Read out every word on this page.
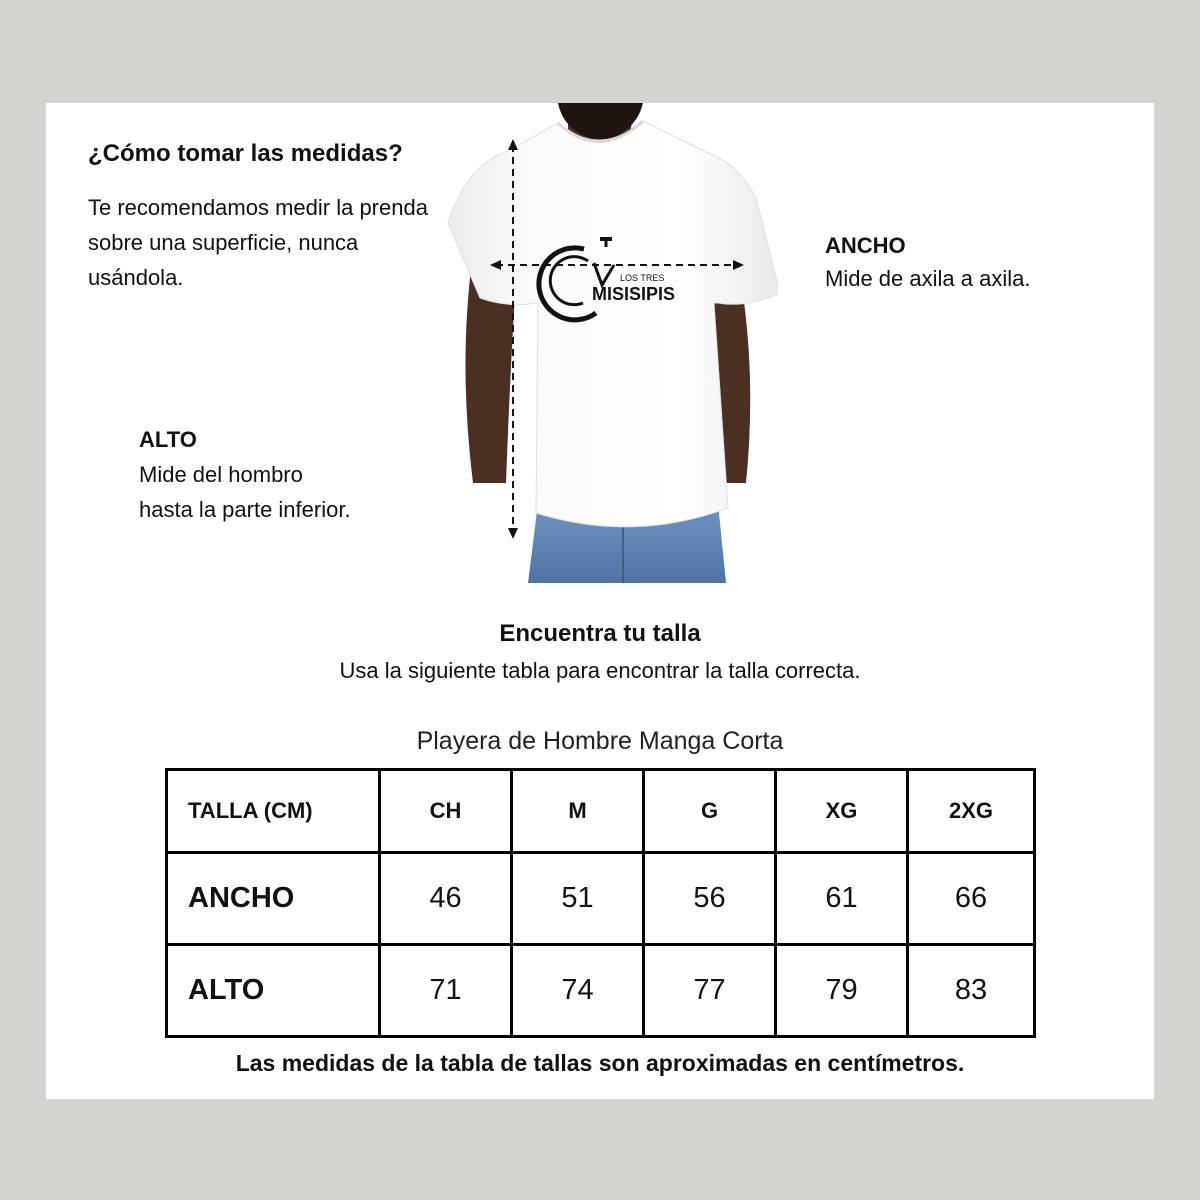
¿Cómo tomar las medidas?
Te recomendamos medir la prenda sobre una superficie, nunca usándola.	LOS TRES
MISISIPIS
ANCHO
Mide de axila a axila.
ALTO
Mide del hombro
hasta la parte inferior.
Encuentra tu talla
Usa la siguiente tabla para encontrar la talla correcta.
Playera de Hombre Manga Corta
TALLA (CM)	CH	M	G	XG	2XG
ANCHO	46	51	56	61	66
ALTO	71	74	77	79	83
Las medidas de la tabla de tallas son aproximadas en centímetros.
